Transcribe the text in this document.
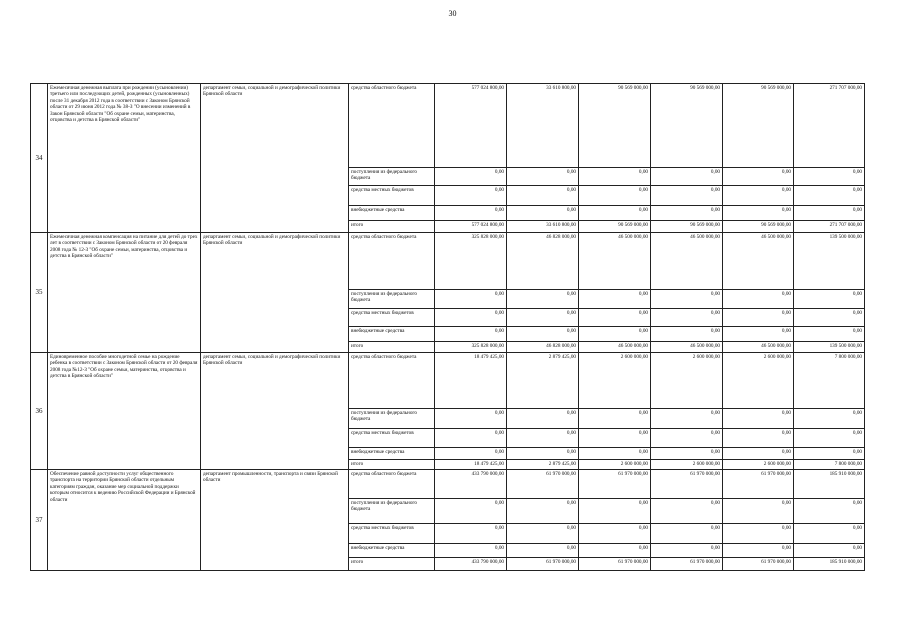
30
34	Ежемесячная денежная выплата при рождении (усыновлении) третьего или последующих детей, рожденных (усыновленных) после 31 декабря 2012 года в соответствии с Законом Брянской области от 29 июня 2012 года № 38-З "О внесении изменений в Закон Брянской области "Об охране семьи, материнства, отцовства и детства в Брянской области"	департамент семьи, социальной и демографической политики Брянской области	средства областного бюджета	577 024 800,00	33 610 800,00	90 569 000,00	90 569 000,00	90 569 000,00	271 707 000,00
			поступления из федерального бюджета	0,00	0,00	0,00	0,00	0,00	0,00
			средства местных бюджетов	0,00	0,00	0,00	0,00	0,00	0,00
			внебюджетные средства	0,00	0,00	0,00	0,00	0,00	0,00
			итого	577 024 800,00	33 610 800,00	90 569 000,00	90 569 000,00	90 569 000,00	271 707 000,00
35	Ежемесячная денежная компенсация на питание для детей до трех лет в соответствии с Законом Брянской области от 20 февраля 2008 года № 12-З "Об охране семьи, материнства, отцовства и детства в Брянской области"	департамент семьи, социальной и демографической политики Брянской области	средства областного бюджета	325 828 000,00	46 828 000,00	46 500 000,00	46 500 000,00	46 500 000,00	139 500 000,00
			поступления из федерального бюджета	0,00	0,00	0,00	0,00	0,00	0,00
			средства местных бюджетов	0,00	0,00	0,00	0,00	0,00	0,00
			внебюджетные средства	0,00	0,00	0,00	0,00	0,00	0,00
			итого	325 828 000,00	46 828 000,00	46 500 000,00	46 500 000,00	46 500 000,00	139 500 000,00
36	Единовременное пособие многодетной семье на рождение ребенка в соответствии с Законом Брянской области от 20 февраля 2008 года №12-З "Об охране семьи, материнства, отцовства и детства в Брянской области"	департамент семьи, социальной и демографической политики Брянской области	средства областного бюджета	18 479 425,00	2 879 425,00	2 600 000,00	2 600 000,00	2 600 000,00	7 800 000,00
			поступления из федерального бюджета	0,00	0,00	0,00	0,00	0,00	0,00
			средства местных бюджетов	0,00	0,00	0,00	0,00	0,00	0,00
			внебюджетные средства	0,00	0,00	0,00	0,00	0,00	0,00
			итого	18 479 425,00	2 879 425,00	2 600 000,00	2 600 000,00	2 600 000,00	7 800 000,00
37	Обеспечение равной доступности услуг общественного транспорта на территории Брянской области отдельным категориям граждан, оказание мер социальной поддержки которым относится к ведению Российской Федерации и Брянской области	департамент промышленности, транспорта и связи Брянской области	средства областного бюджета	433 790 000,00	61 970 000,00	61 970 000,00	61 970 000,00	61 970 000,00	185 910 000,00
			поступления из федерального бюджета	0,00	0,00	0,00	0,00	0,00	0,00
			средства местных бюджетов	0,00	0,00	0,00	0,00	0,00	0,00
			внебюджетные средства	0,00	0,00	0,00	0,00	0,00	0,00
			итого	433 790 000,00	61 970 000,00	61 970 000,00	61 970 000,00	61 970 000,00	185 910 000,00
